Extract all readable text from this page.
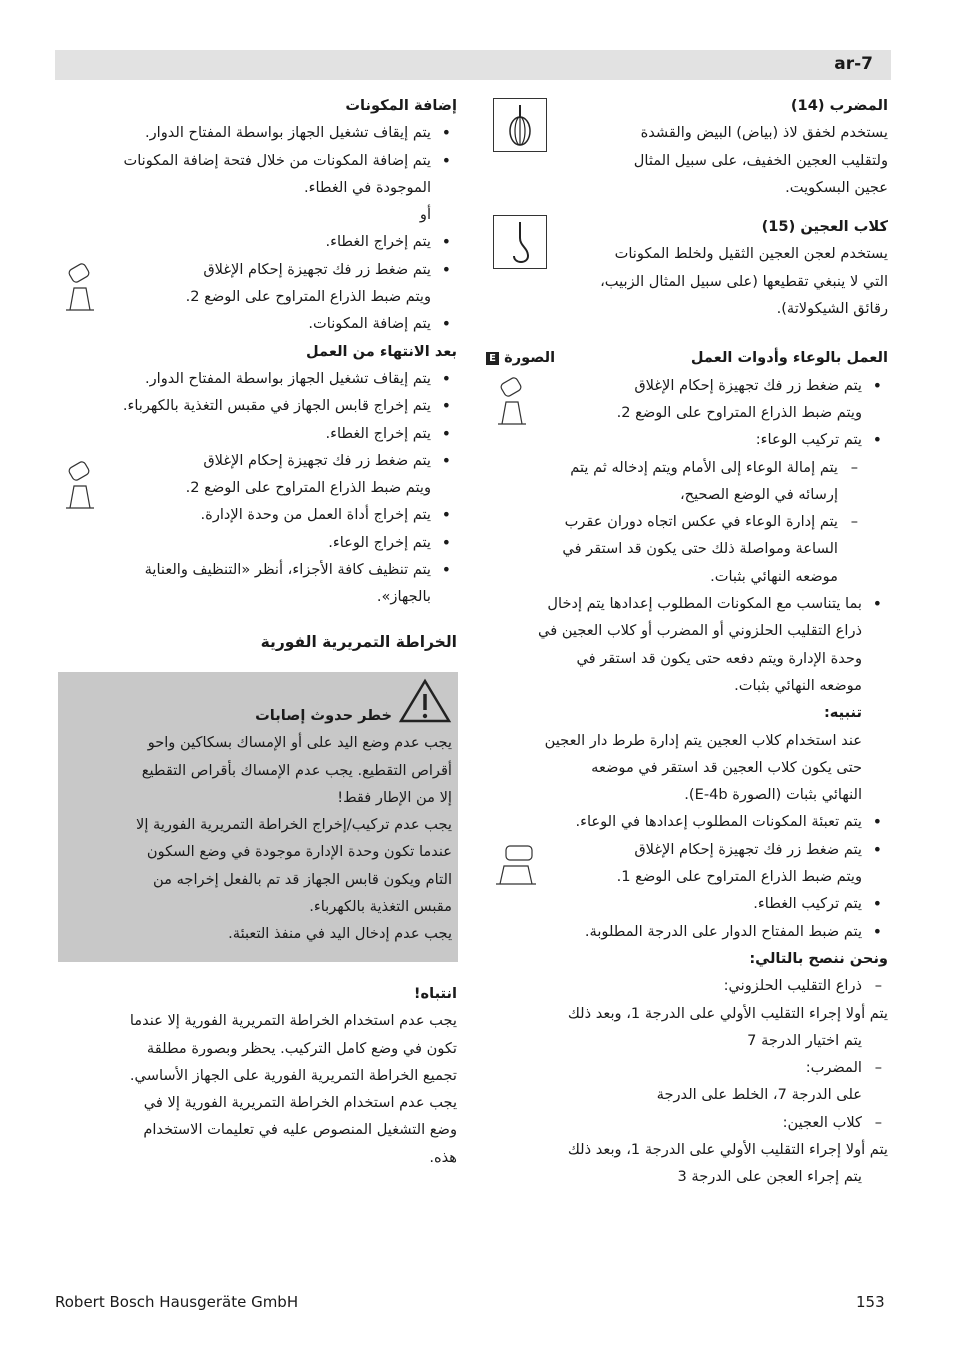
ar-7

المضرب (14)

يستخدم لخفق لاذ (بياض) البيض والقشدة

ولتقليب العجين الخفيف، على سبيل المثال

عجين البسكويت.

كلاب العجين (15)

يستخدم لعجن العجين الثقيل ولخلط المكونات

التي لا ينبغي تقطيعها (على سبيل المثال الزبيب،

رقائق الشيكولاتة).

العمل بالوعاء وأدوات العمل
الصورة E

• يتم ضغط زر فك تجهيزة إحكام الإغلاق

ويتم ضبط الذراع المتراوح على الوضع 2.

• يتم تركيب الوعاء:

– يتم إمالة الوعاء إلى الأمام ويتم إدخاله ثم يتم

إرسائه في الوضع الصحيح،

– يتم إدارة الوعاء في عكس اتجاه دوران عقرب

الساعة ومواصلة ذلك حتى يكون قد استقر في

موضعه النهائي بثبات.

• بما يتناسب مع المكونات المطلوب إعدادها يتم إدخال

ذراع التقليب الحلزوني أو المضرب أو كلاب العجين في

وحدة الإدارة ويتم دفعه حتى يكون قد استقر في

موضعه النهائي بثبات.

تنبيه:

عند استخدام كلاب العجين يتم إدارة طرط دار العجين

حتى يكون كلاب العجين قد استقر في موضعه

النهائي بثبات (الصورة E-4b).

• يتم تعبئة المكونات المطلوب إعدادها في الوعاء.

• يتم ضغط زر فك تجهيزة إحكام الإغلاق

ويتم ضبط الذراع المتراوح على الوضع 1.

• يتم تركيب الغطاء.

• يتم ضبط المفتاح الدوار على الدرجة المطلوبة.

ونحن ننصح بالتالي:

– ذراع التقليب الحلزوني:

يتم أولا إجراء التقليب الأولي على الدرجة 1، وبعد ذلك

يتم اختيار الدرجة 7

– المضرب:

على الدرجة 7، الخلط على الدرجة

– كلاب العجين:

يتم أولا إجراء التقليب الأولي على الدرجة 1، وبعد ذلك

يتم إجراء العجن على الدرجة 3

إضافة المكونات

• يتم إيقاف تشغيل الجهاز بواسطة المفتاح الدوار.

• يتم إضافة المكونات من خلال فتحة إضافة المكونات

الموجودة في الغطاء.

أو

• يتم إخراج الغطاء.

• يتم ضغط زر فك تجهيزة إحكام الإغلاق

ويتم ضبط الذراع المتراوح على الوضع 2.

• يتم إضافة المكونات.

بعد الانتهاء من العمل

• يتم إيقاف تشغيل الجهاز بواسطة المفتاح الدوار.

• يتم إخراج قابس الجهاز في مقبس التغذية بالكهرباء.

• يتم إخراج الغطاء.

• يتم ضغط زر فك تجهيزة إحكام الإغلاق

ويتم ضبط الذراع المتراوح على الوضع 2.

• يتم إخراج أداة العمل من وحدة الإدارة.

• يتم إخراج الوعاء.

• يتم تنظيف كافة الأجزاء، أنظر «التنظيف والعناية

بالجهاز».

الخراطة التمريرية الفورية

خطر حدوث إصابات

يجب عدم وضع اليد على أو الإمساك بسكاكين واحو

أقراص التقطيع. يجب عدم الإمساك بأقراص التقطيع

إلا من الإطار فقط!

يجب عدم تركيب/إخراج الخراطة التمريرية الفورية إلا

عندما تكون وحدة الإدارة موجودة في وضع السكون

التام ويكون قابس الجهاز قد تم بالفعل إخراجه من

مقبس التغذية بالكهرباء.

يجب عدم إدخال اليد في منفذ التعبئة.

انتباه!

يجب عدم استخدام الخراطة التمريرية الفورية إلا عندما

تكون في وضع كامل التركيب. يحظر وبصورة مطلقة

تجميع الخراطة التمريرية الفورية على الجهاز الأساسي.

يجب عدم استخدام الخراطة التمريرية الفورية إلا في

وضع التشغيل المنصوص عليه في تعليمات الاستخدام

هذه.

Robert Bosch Hausgeräte GmbH	153
